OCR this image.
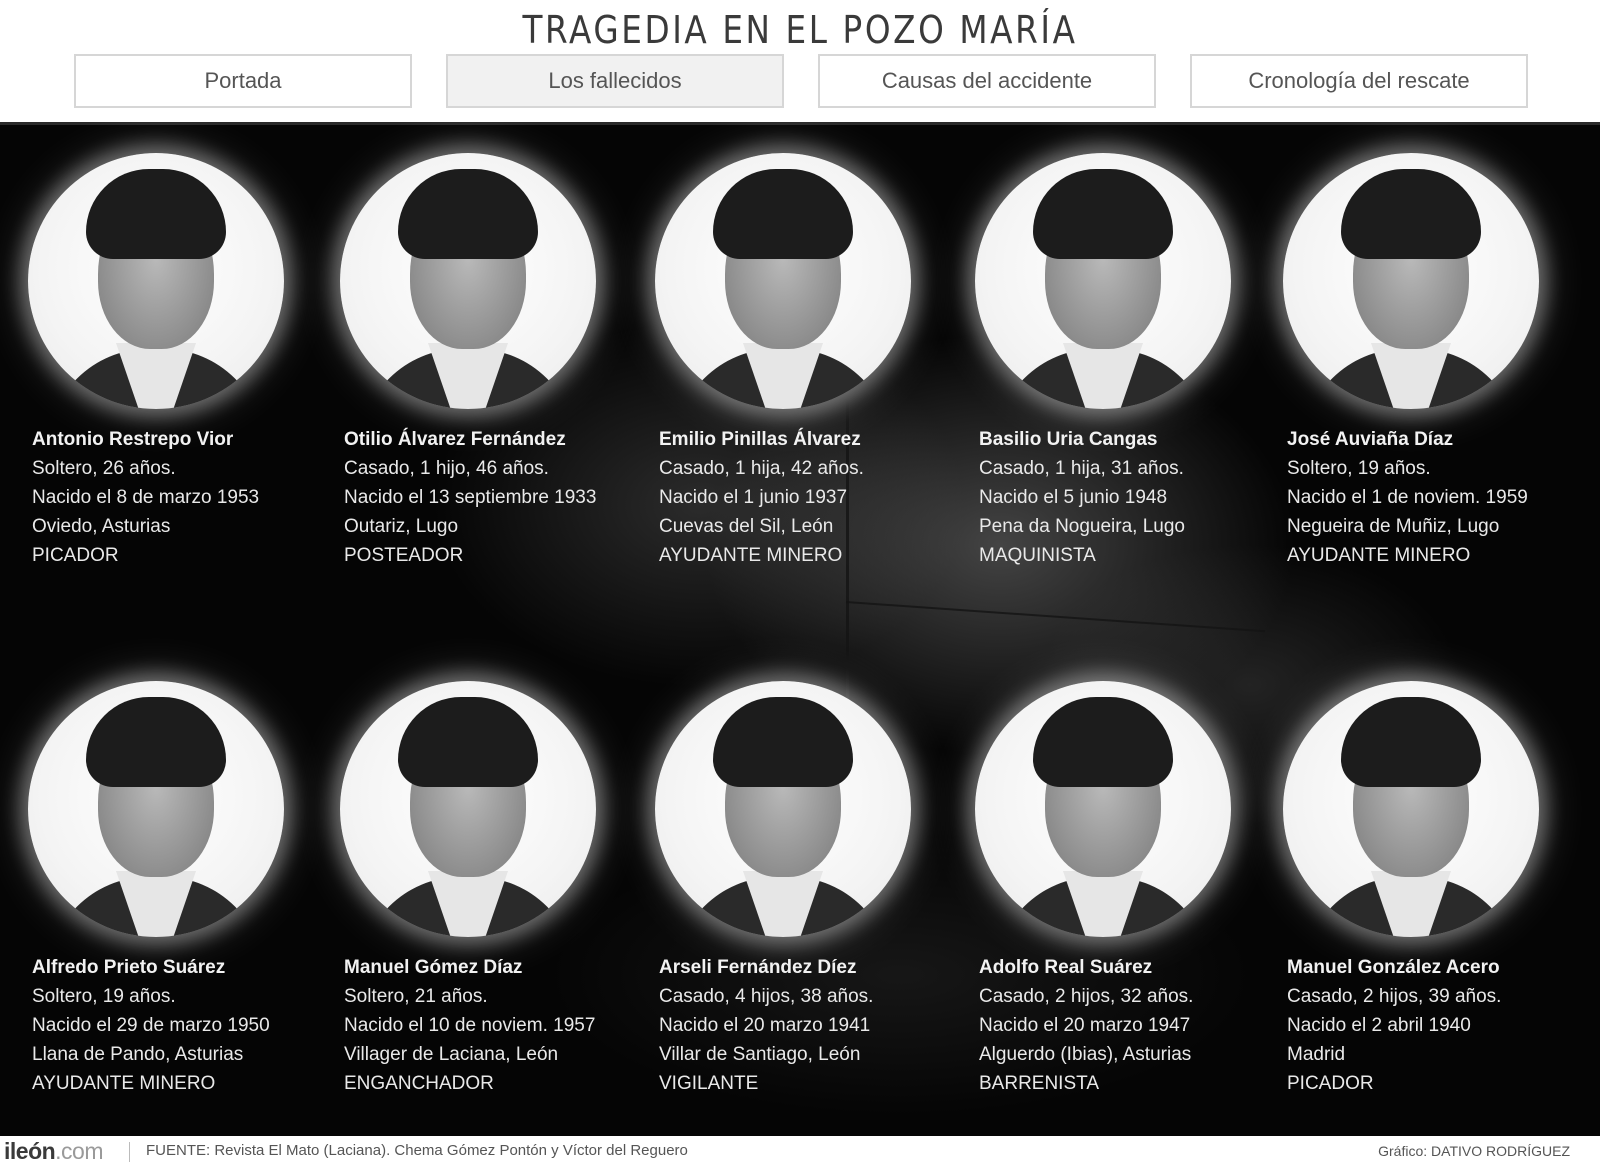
TRAGEDIA EN EL POZO MARÍA
Portada	Los fallecidos	Causas del accidente	Cronología del rescate
Antonio Restrepo Vior
Soltero, 26 años.
Nacido el 8 de marzo 1953
Oviedo, Asturias
PICADOR
Otilio Álvarez Fernández
Casado, 1 hijo, 46 años.
Nacido el 13 septiembre 1933
Outariz, Lugo
POSTEADOR
Emilio Pinillas Álvarez
Casado, 1 hija, 42 años.
Nacido el 1 junio 1937
Cuevas del Sil, León
AYUDANTE MINERO
Basilio Uria Cangas
Casado, 1 hija, 31 años.
Nacido el 5 junio 1948
Pena da Nogueira, Lugo
MAQUINISTA
José Auviaña Díaz
Soltero, 19 años.
Nacido el 1 de noviem. 1959
Negueira de Muñiz, Lugo
AYUDANTE MINERO
Alfredo Prieto Suárez
Soltero, 19 años.
Nacido el 29 de marzo 1950
Llana de Pando, Asturias
AYUDANTE MINERO
Manuel Gómez Díaz
Soltero, 21 años.
Nacido el 10 de noviem. 1957
Villager de Laciana, León
ENGANCHADOR
Arseli Fernández Díez
Casado, 4 hijos, 38 años.
Nacido el 20 marzo 1941
Villar de Santiago, León
VIGILANTE
Adolfo Real Suárez
Casado, 2 hijos, 32 años.
Nacido el 20 marzo 1947
Alguerdo (Ibias), Asturias
BARRENISTA
Manuel González Acero
Casado, 2 hijos, 39 años.
Nacido el 2 abril 1940
Madrid
PICADOR
ileón.com	FUENTE: Revista El Mato (Laciana). Chema Gómez Pontón y Víctor del Reguero	Gráfico: DATIVO RODRÍGUEZ
